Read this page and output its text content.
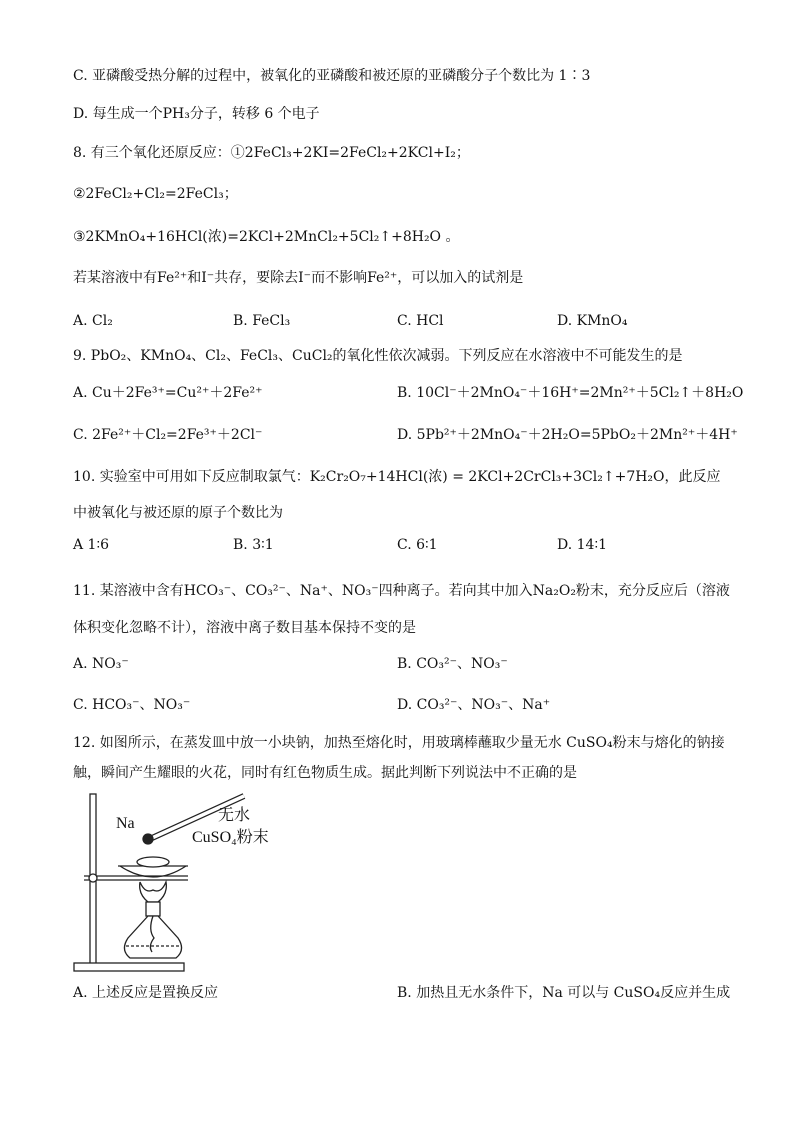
C. 亚磷酸受热分解的过程中，被氧化的亚磷酸和被还原的亚磷酸分子个数比为 1∶3
D. 每生成一个PH₃分子，转移 6 个电子
8. 有三个氧化还原反应：①2FeCl₃+2KI=2FeCl₂+2KCl+I₂；
②2FeCl₂+Cl₂=2FeCl₃；
③2KMnO₄+16HCl(浓)=2KCl+2MnCl₂+5Cl₂↑+8H₂O 。
若某溶液中有Fe²⁺和I⁻共存，要除去I⁻而不影响Fe²⁺，可以加入的试剂是
A. Cl₂	B. FeCl₃	C. HCl	D. KMnO₄
9. PbO₂、KMnO₄、Cl₂、FeCl₃、CuCl₂的氧化性依次减弱。下列反应在水溶液中不可能发生的是
A. Cu＋2Fe³⁺=Cu²⁺＋2Fe²⁺	B. 10Cl⁻＋2MnO₄⁻＋16H⁺=2Mn²⁺＋5Cl₂↑＋8H₂O
C. 2Fe²⁺＋Cl₂=2Fe³⁺＋2Cl⁻	D. 5Pb²⁺＋2MnO₄⁻＋2H₂O=5PbO₂＋2Mn²⁺＋4H⁺
10. 实验室中可用如下反应制取氯气：K₂Cr₂O₇+14HCl(浓) = 2KCl+2CrCl₃+3Cl₂↑+7H₂O，此反应
中被氧化与被还原的原子个数比为
A 1∶6	B. 3∶1	C. 6∶1	D. 14∶1
11. 某溶液中含有HCO₃⁻、CO₃²⁻、Na⁺、NO₃⁻四种离子。若向其中加入Na₂O₂粉末，充分反应后（溶液
体积变化忽略不计），溶液中离子数目基本保持不变的是
A. NO₃⁻	B. CO₃²⁻、NO₃⁻
C. HCO₃⁻、NO₃⁻	D. CO₃²⁻、NO₃⁻、Na⁺
12. 如图所示，在蒸发皿中放一小块钠，加热至熔化时，用玻璃棒蘸取少量无水 CuSO₄粉末与熔化的钠接
触，瞬间产生耀眼的火花，同时有红色物质生成。据此判断下列说法中不正确的是
Na	无水
CuSO₄粉末
A. 上述反应是置换反应	B. 加热且无水条件下，Na 可以与 CuSO₄反应并生成
